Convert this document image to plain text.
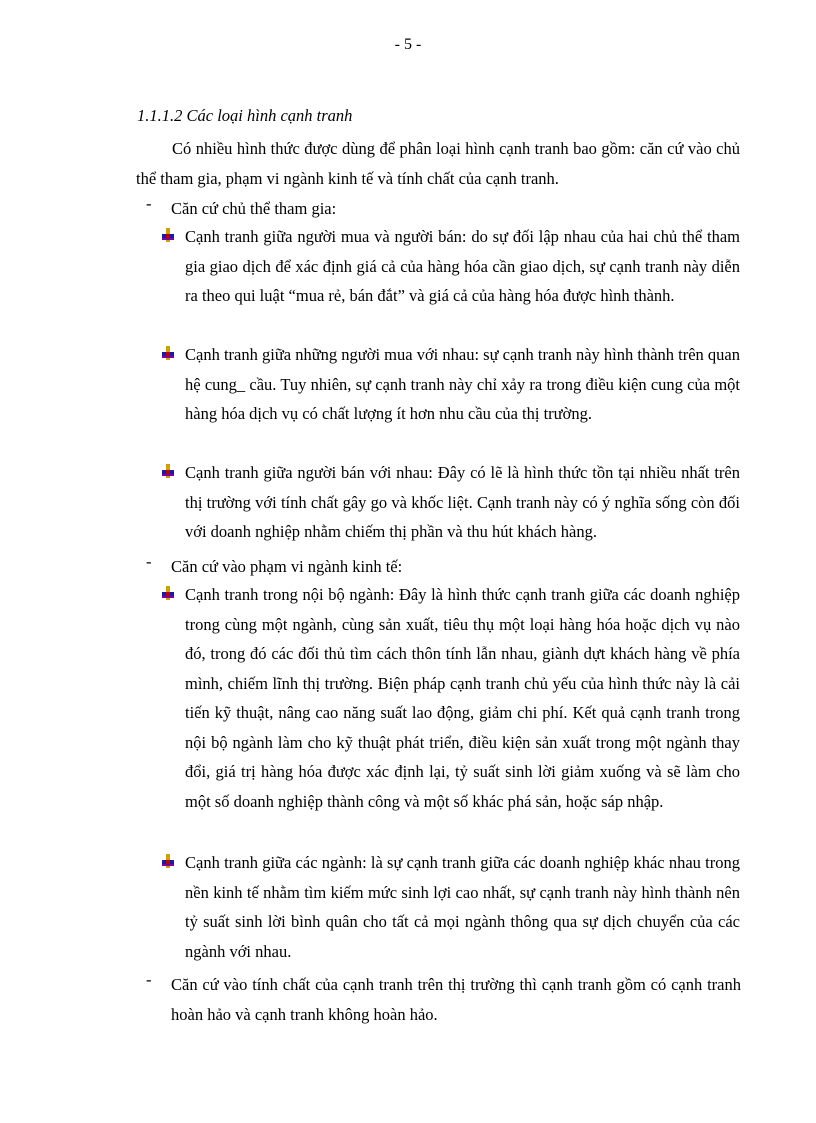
- 5 -
1.1.1.2 Các loại hình cạnh tranh

Có nhiều hình thức được dùng để phân loại hình cạnh tranh bao gồm: căn cứ vào chủ thể tham gia, phạm vi ngành kinh tế và tính chất của cạnh tranh.

- Căn cứ chủ thể tham gia:

Cạnh tranh giữa người mua và người bán: do sự đối lập nhau của hai chủ thể tham gia giao dịch để xác định giá cả của hàng hóa cần giao dịch, sự cạnh tranh này diễn ra theo qui luật “mua rẻ, bán đắt” và giá cả của hàng hóa được hình thành.

Cạnh tranh giữa những người mua với nhau: sự cạnh tranh này hình thành trên quan hệ cung_ cầu. Tuy nhiên, sự cạnh tranh này chỉ xảy ra trong điều kiện cung của một hàng hóa dịch vụ có chất lượng ít hơn nhu cầu của thị trường.

Cạnh tranh giữa người bán với nhau: Đây có lẽ là hình thức tồn tại nhiều nhất trên thị trường với tính chất gây go và khốc liệt. Cạnh tranh này có ý nghĩa sống còn đối với doanh nghiệp nhằm chiếm thị phần và thu hút khách hàng.

- Căn cứ vào phạm vi ngành kinh tế:

Cạnh tranh trong nội bộ ngành: Đây là hình thức cạnh tranh giữa các doanh nghiệp trong cùng một ngành, cùng sản xuất, tiêu thụ một loại hàng hóa hoặc dịch vụ nào đó, trong đó các đối thủ tìm cách thôn tính lẫn nhau, giành dựt khách hàng về phía mình, chiếm lĩnh thị trường. Biện pháp cạnh tranh chủ yếu của hình thức này là cải tiến kỹ thuật, nâng cao năng suất lao động, giảm chi phí. Kết quả cạnh tranh trong nội bộ ngành làm cho kỹ thuật phát triển, điều kiện sản xuất trong một ngành thay đổi, giá trị hàng hóa được xác định lại, tỷ suất sinh lời giảm xuống và sẽ làm cho một số doanh nghiệp thành công và một số khác phá sản, hoặc sáp nhập.

Cạnh tranh giữa các ngành: là sự cạnh tranh giữa các doanh nghiệp khác nhau trong nền kinh tế nhằm tìm kiếm mức sinh lợi cao nhất, sự cạnh tranh này hình thành nên tỷ suất sinh lời bình quân cho tất cả mọi ngành thông qua sự dịch chuyển của các ngành với nhau.

- Căn cứ vào tính chất của cạnh tranh trên thị trường thì cạnh tranh gồm có cạnh tranh hoàn hảo và cạnh tranh không hoàn hảo.
